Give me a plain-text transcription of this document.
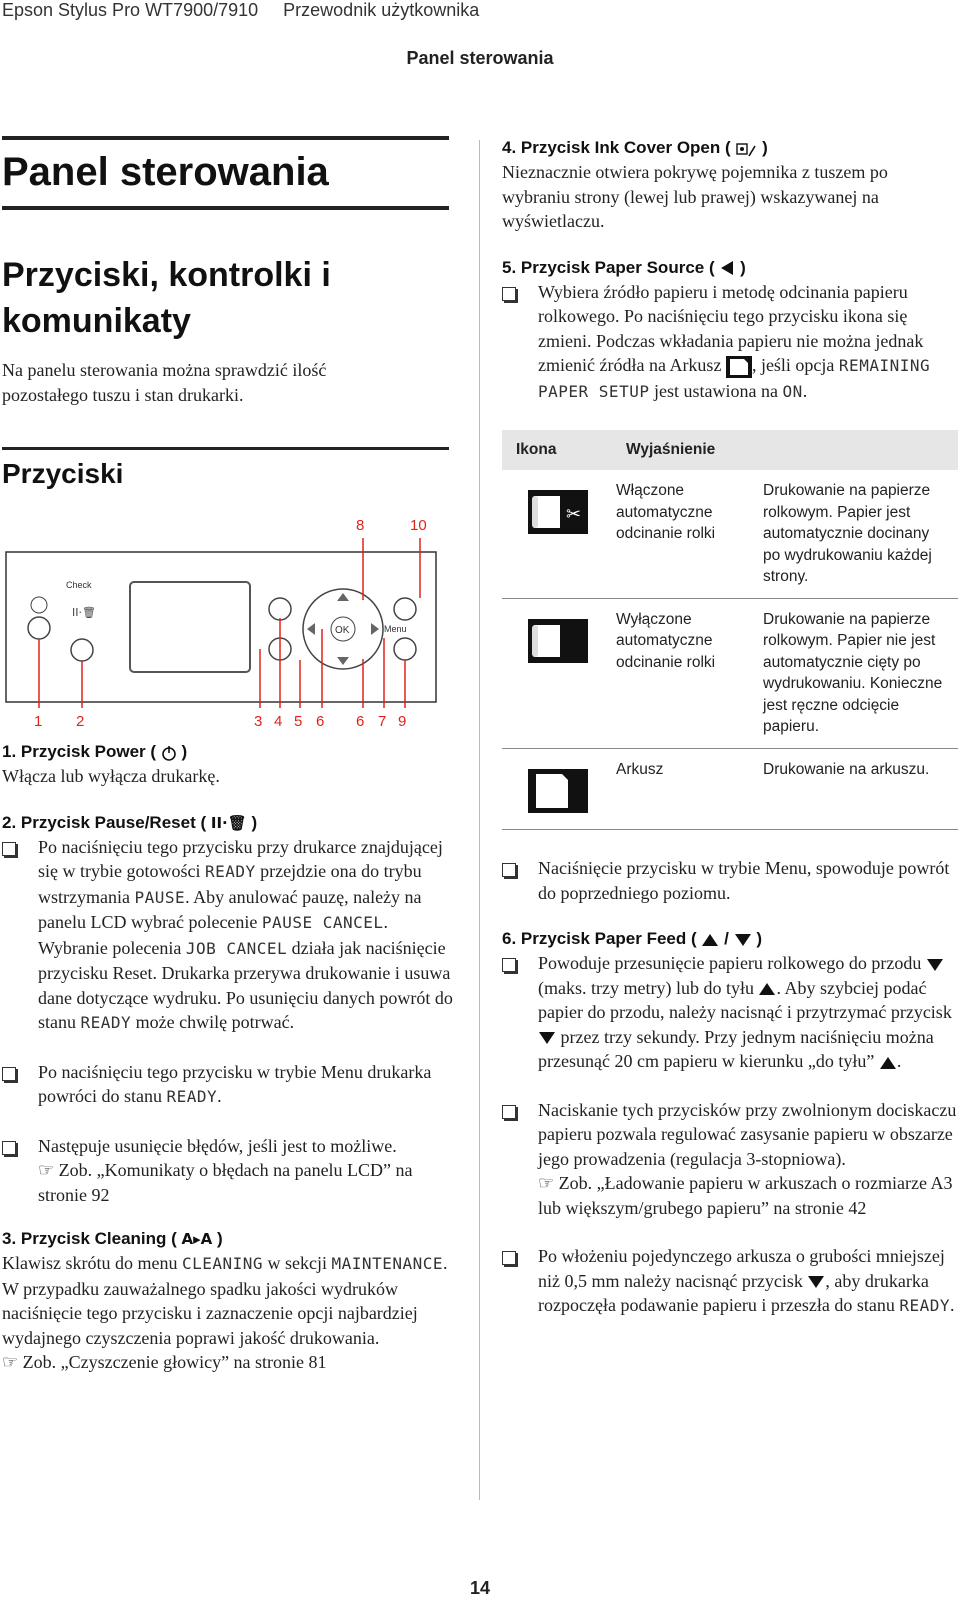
Epson Stylus Pro WT7900/7910 Przewodnik użytkownika
Panel sterowania
Panel sterowania
Przyciski, kontrolki i komunikaty

Na panelu sterowania można sprawdzić ilość pozostałego tuszu i stan drukarki.

Przyciski
Check
II·🗑
OK	Menu
8	10
1 2	3 4 5 6 6 7 9
1. Przycisk Power ( )

Włącza lub wyłącza drukarkę.

2. Przycisk Pause/Reset ( II·🗑 )
Po naciśnięciu tego przycisku przy drukarce znajdującej się w trybie gotowości READY przejdzie ona do trybu wstrzymania PAUSE. Aby anulować pauzę, należy na panelu LCD wybrać polecenie PAUSE CANCEL. Wybranie polecenia JOB CANCEL działa jak naciśnięcie przycisku Reset. Drukarka przerywa drukowanie i usuwa dane dotyczące wydruku. Po usunięciu danych powrót do stanu READY może chwilę potrwać.
Po naciśnięciu tego przycisku w trybie Menu drukarka powróci do stanu READY.
Następuje usunięcie błędów, jeśli jest to możliwe.
☞ Zob. „Komunikaty o błędach na panelu LCD” na stronie 92
3. Przycisk Cleaning ( A▸A )

Klawisz skrótu do menu CLEANING w sekcji MAINTENANCE. W przypadku zauważalnego spadku jakości wydruków naciśnięcie tego przycisku i zaznaczenie opcji najbardziej wydajnego czyszczenia poprawi jakość drukowania.

☞ Zob. „Czyszczenie głowicy” na stronie 81

4. Przycisk Ink Cover Open ( )

Nieznacznie otwiera pokrywę pojemnika z tuszem po wybraniu strony (lewej lub prawej) wskazywanej na wyświetlaczu.

5. Przycisk Paper Source ( )
Wybiera źródło papieru i metodę odcinania papieru rolkowego. Po naciśnięciu tego przycisku ikona się zmieni. Podczas wkładania papieru nie można jednak zmienić źródła na Arkusz , jeśli opcja REMAINING PAPER SETUP jest ustawiona na ON.
Ikona	Wyjaśnienie	

✂	Włączone automatyczne odcinanie rolki	Drukowanie na papierze rolkowym. Papier jest automatycznie docinany po wydrukowaniu każdej strony.
	Wyłączone automatyczne odcinanie rolki	Drukowanie na papierze rolkowym. Papier nie jest automatycznie cięty po wydrukowaniu. Konieczne jest ręczne odcięcie papieru.
	Arkusz	Drukowanie na arkuszu.
Naciśnięcie przycisku w trybie Menu, spowoduje powrót do poprzedniego poziomu.
6. Przycisk Paper Feed (  /  )
Powoduje przesunięcie papieru rolkowego do przodu  (maks. trzy metry) lub do tyłu . Aby szybciej podać papier do przodu, należy nacisnąć i przytrzymać przycisk  przez trzy sekundy. Przy jednym naciśnięciu można przesunąć 20 cm papieru w kierunku „do tyłu” .
Naciskanie tych przycisków przy zwolnionym dociskaczu papieru pozwala regulować zasysanie papieru w obszarze jego prowadzenia (regulacja 3-stopniowa).
☞ Zob. „Ładowanie papieru w arkuszach o rozmiarze A3 lub większym/grubego papieru” na stronie 42
Po włożeniu pojedynczego arkusza o grubości mniejszej niż 0,5 mm należy nacisnąć przycisk , aby drukarka rozpoczęła podawanie papieru i przeszła do stanu READY.
14
